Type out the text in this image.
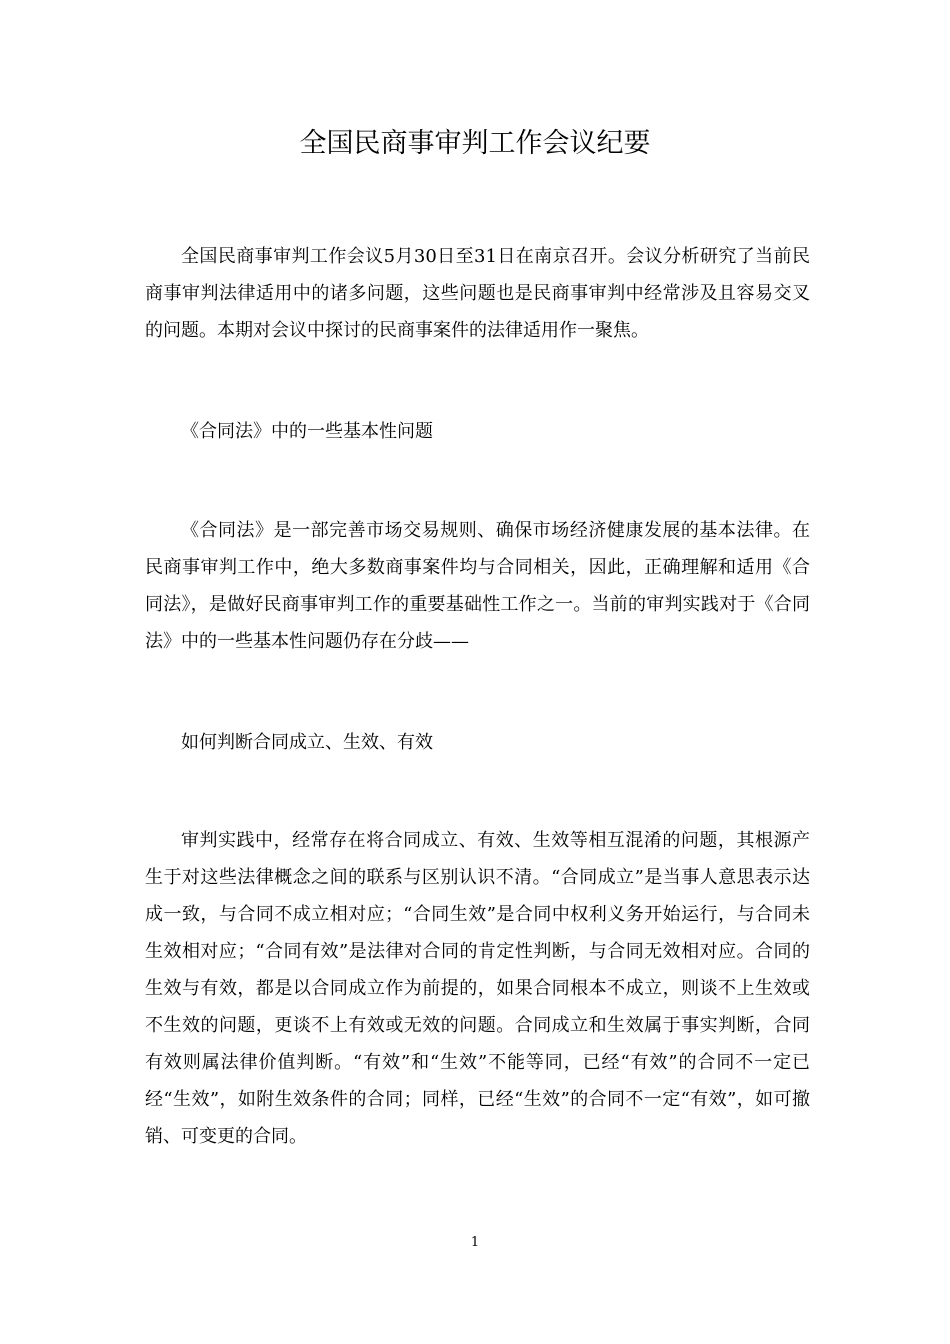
全国民商事审判工作会议纪要

全国民商事审判工作会议5月30日至31日在南京召开。会议分析研究了当前民商事审判法律适用中的诸多问题，这些问题也是民商事审判中经常涉及且容易交叉的问题。本期对会议中探讨的民商事案件的法律适用作一聚焦。

《合同法》中的一些基本性问题

《合同法》是一部完善市场交易规则、确保市场经济健康发展的基本法律。在民商事审判工作中，绝大多数商事案件均与合同相关，因此，正确理解和适用《合同法》，是做好民商事审判工作的重要基础性工作之一。当前的审判实践对于《合同法》中的一些基本性问题仍存在分歧——

如何判断合同成立、生效、有效

审判实践中，经常存在将合同成立、有效、生效等相互混淆的问题，其根源产生于对这些法律概念之间的联系与区别认识不清。“合同成立”是当事人意思表示达成一致，与合同不成立相对应；“合同生效”是合同中权利义务开始运行，与合同未生效相对应；“合同有效”是法律对合同的肯定性判断，与合同无效相对应。合同的生效与有效，都是以合同成立作为前提的，如果合同根本不成立，则谈不上生效或不生效的问题，更谈不上有效或无效的问题。合同成立和生效属于事实判断，合同有效则属法律价值判断。“有效”和“生效”不能等同，已经“有效”的合同不一定已经“生效”，如附生效条件的合同；同样，已经“生效”的合同不一定“有效”，如可撤销、可变更的合同。

1
